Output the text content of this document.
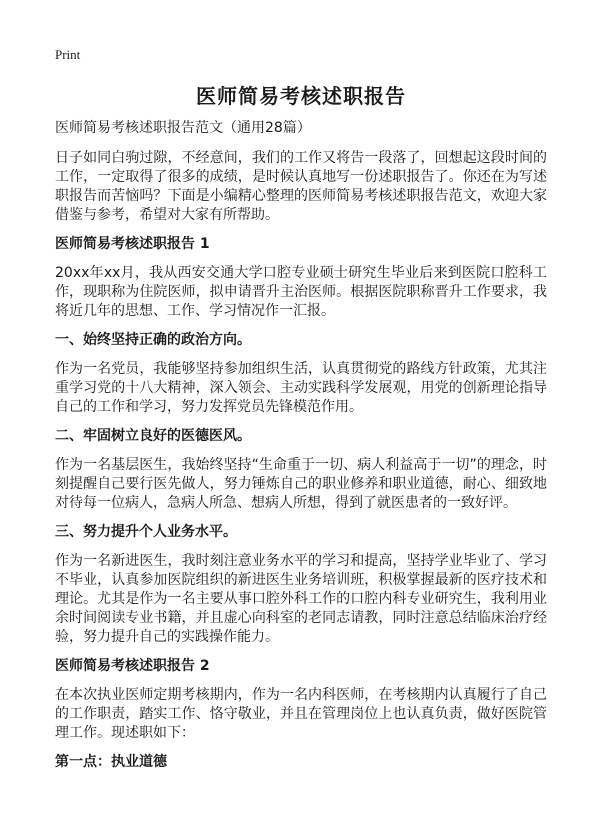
Print
医师简易考核述职报告
医师简易考核述职报告范文（通用28篇）

日子如同白驹过隙，不经意间，我们的工作又将告一段落了，回想起这段时间的工作，一定取得了很多的成绩，是时候认真地写一份述职报告了。你还在为写述职报告而苦恼吗？下面是小编精心整理的医师简易考核述职报告范文，欢迎大家借鉴与参考，希望对大家有所帮助。

医师简易考核述职报告 1

20xx年xx月，我从西安交通大学口腔专业硕士研究生毕业后来到医院口腔科工作，现职称为住院医师，拟申请晋升主治医师。根据医院职称晋升工作要求，我将近几年的思想、工作、学习情况作一汇报。

一、始终坚持正确的政治方向。

作为一名党员，我能够坚持参加组织生活，认真贯彻党的路线方针政策，尤其注重学习党的十八大精神，深入领会、主动实践科学发展观，用党的创新理论指导自己的工作和学习，努力发挥党员先锋模范作用。

二、牢固树立良好的医德医风。

作为一名基层医生，我始终坚持“生命重于一切、病人利益高于一切”的理念，时刻提醒自己要行医先做人，努力锤炼自己的职业修养和职业道德，耐心、细致地对待每一位病人，急病人所急、想病人所想，得到了就医患者的一致好评。

三、努力提升个人业务水平。

作为一名新进医生，我时刻注意业务水平的学习和提高，坚持学业毕业了、学习不毕业，认真参加医院组织的新进医生业务培训班，积极掌握最新的医疗技术和理论。尤其是作为一名主要从事口腔外科工作的口腔内科专业研究生，我利用业余时间阅读专业书籍，并且虚心向科室的老同志请教，同时注意总结临床治疗经验，努力提升自己的实践操作能力。

医师简易考核述职报告 2

在本次执业医师定期考核期内，作为一名内科医师，在考核期内认真履行了自己的工作职责，踏实工作、恪守敬业，并且在管理岗位上也认真负责，做好医院管理工作。现述职如下：

第一点：执业道德
